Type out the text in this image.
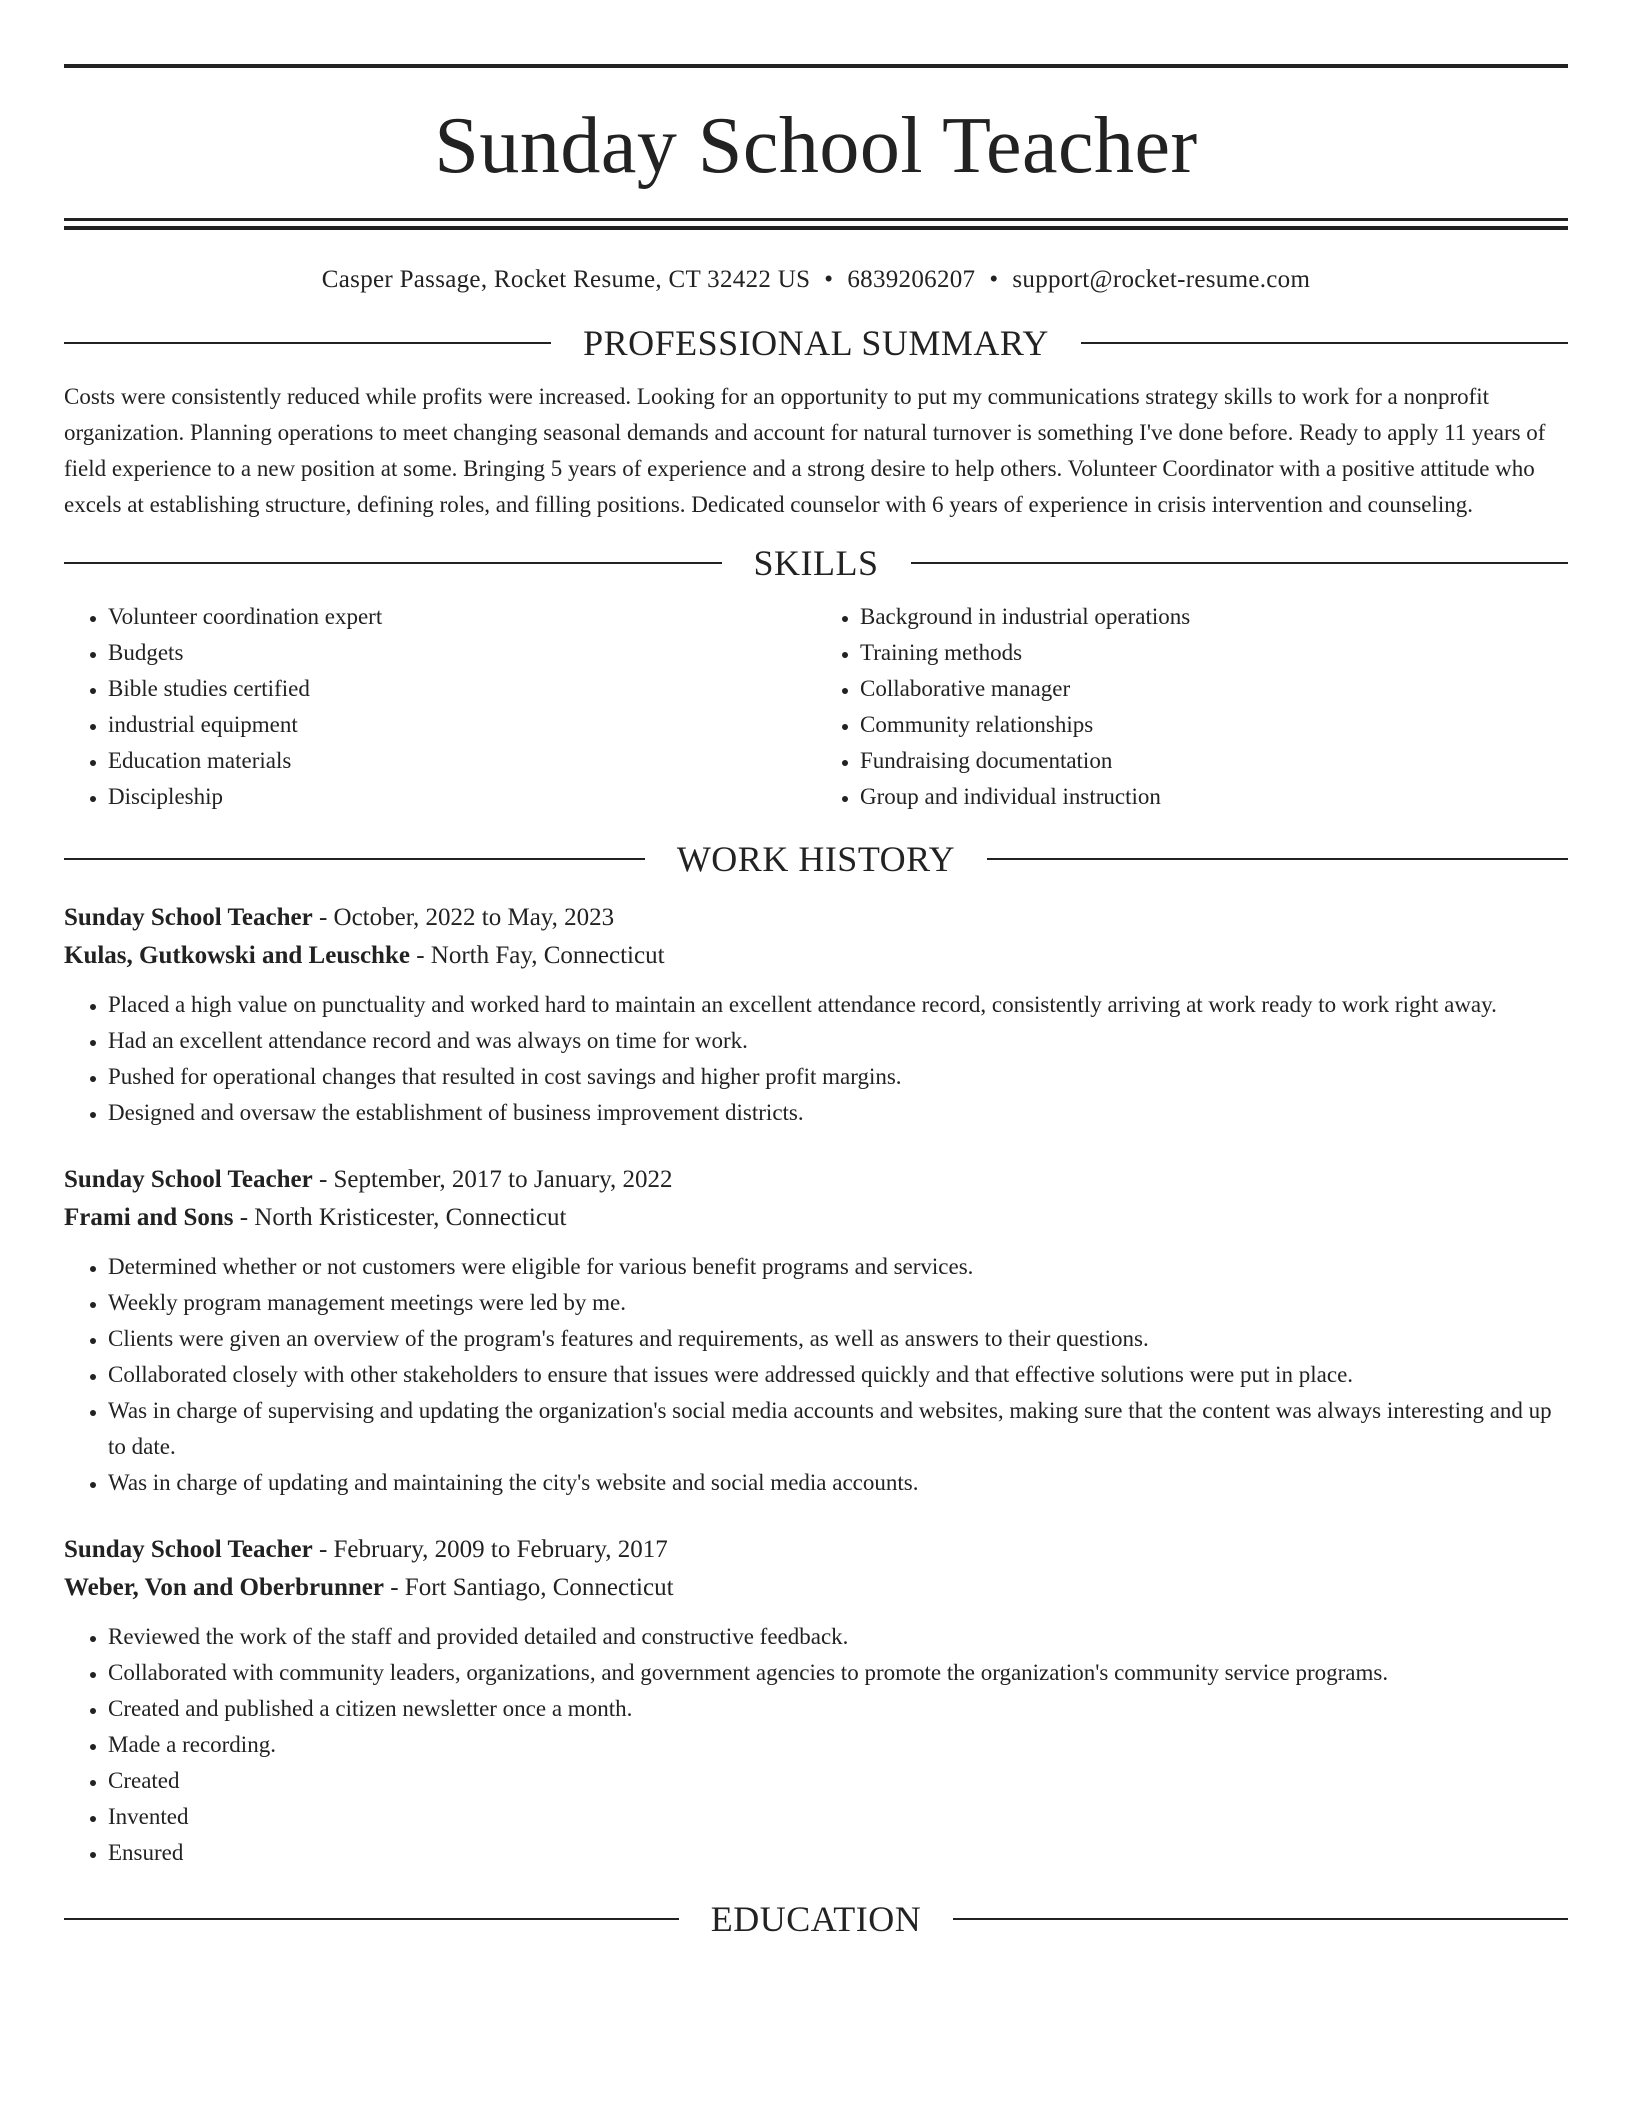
Sunday School Teacher
Casper Passage, Rocket Resume, CT 32422 US • 6839206207 • support@rocket-resume.com
PROFESSIONAL SUMMARY
Costs were consistently reduced while profits were increased. Looking for an opportunity to put my communications strategy skills to work for a nonprofit organization. Planning operations to meet changing seasonal demands and account for natural turnover is something I've done before. Ready to apply 11 years of field experience to a new position at some. Bringing 5 years of experience and a strong desire to help others. Volunteer Coordinator with a positive attitude who excels at establishing structure, defining roles, and filling positions. Dedicated counselor with 6 years of experience in crisis intervention and counseling.
SKILLS
• Volunteer coordination expert
• Budgets
• Bible studies certified
• industrial equipment
• Education materials
• Discipleship
• Background in industrial operations
• Training methods
• Collaborative manager
• Community relationships
• Fundraising documentation
• Group and individual instruction
WORK HISTORY
Sunday School Teacher - October, 2022 to May, 2023
Kulas, Gutkowski and Leuschke - North Fay, Connecticut
• Placed a high value on punctuality and worked hard to maintain an excellent attendance record, consistently arriving at work ready to work right away.
• Had an excellent attendance record and was always on time for work.
• Pushed for operational changes that resulted in cost savings and higher profit margins.
• Designed and oversaw the establishment of business improvement districts.
Sunday School Teacher - September, 2017 to January, 2022
Frami and Sons - North Kristicester, Connecticut
• Determined whether or not customers were eligible for various benefit programs and services.
• Weekly program management meetings were led by me.
• Clients were given an overview of the program's features and requirements, as well as answers to their questions.
• Collaborated closely with other stakeholders to ensure that issues were addressed quickly and that effective solutions were put in place.
• Was in charge of supervising and updating the organization's social media accounts and websites, making sure that the content was always interesting and up to date.
• Was in charge of updating and maintaining the city's website and social media accounts.
Sunday School Teacher - February, 2009 to February, 2017
Weber, Von and Oberbrunner - Fort Santiago, Connecticut
• Reviewed the work of the staff and provided detailed and constructive feedback.
• Collaborated with community leaders, organizations, and government agencies to promote the organization's community service programs.
• Created and published a citizen newsletter once a month.
• Made a recording.
• Created
• Invented
• Ensured
EDUCATION
